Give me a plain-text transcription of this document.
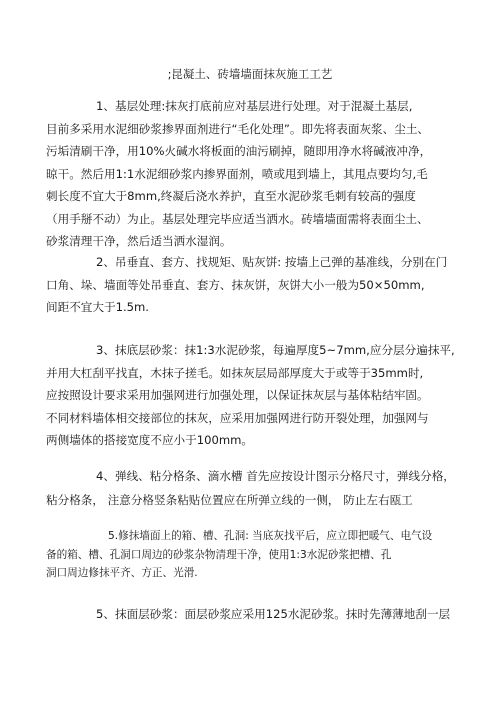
;昆凝土、砖墙墙面抹灰施工工艺
1、基层处理:抹灰打底前应对基层进行处理。对于混凝土基层,
目前多采用水泥细砂浆掺界面剂进行“毛化处理”。即先将表面灰浆、尘土、
污垢清刷干净，用10%火碱水将板面的油污刷掉，随即用净水将碱液冲净，
晾干。然后用1:1水泥细砂浆内掺界面剂，喷或甩到墙上，其甩点要均匀,毛
刺长度不宜大于8mm,终凝后浇水养护，直至水泥砂浆毛刺有较高的强度
（用手掰不动）为止。基层处理完毕应适当洒水。砖墙墙面需将表面尘土、
砂浆清理干净，然后适当洒水湿润。
2、吊垂直、套方、找规矩、贴灰饼: 按墙上己弹的基准线，分别在门
口角、垛、墙面等处吊垂直、套方、抹灰饼，灰饼大小一般为50×50mm,
间距不宜大于1.5m.
3、抹底层砂浆：抹1:3水泥砂浆，每遍厚度5~7mm,应分层分遍抹平,
并用大杠刮平找直，木抹子搓毛。如抹灰层局部厚度大于或等于35mm时,
应按照设计要求采用加强网进行加强处理，以保证抹灰层与基体粘结牢固。
不同材料墙体相交接部位的抹灰，应采用加强网进行防开裂处理，加强网与
两侧墙体的搭接宽度不应小于100mm。
4、弹线、粘分格条、滴水槽 首先应按设计图示分格尺寸，弹线分格，
粘分格条， 注意分格竖条粘贴位置应在所弹立线的一侧， 防止左右瓯工
5.修抹墙面上的箱、槽、孔洞: 当底灰找平后，应立即把暖气、电气设
备的箱、槽、孔洞口周边的砂浆杂物清理干净，使用1:3水泥砂浆把槽、孔
洞口周边修抹平齐、方正、光滑.
5、抹面层砂浆：面层砂浆应采用125水泥砂浆。抹时先薄薄地刮一层
